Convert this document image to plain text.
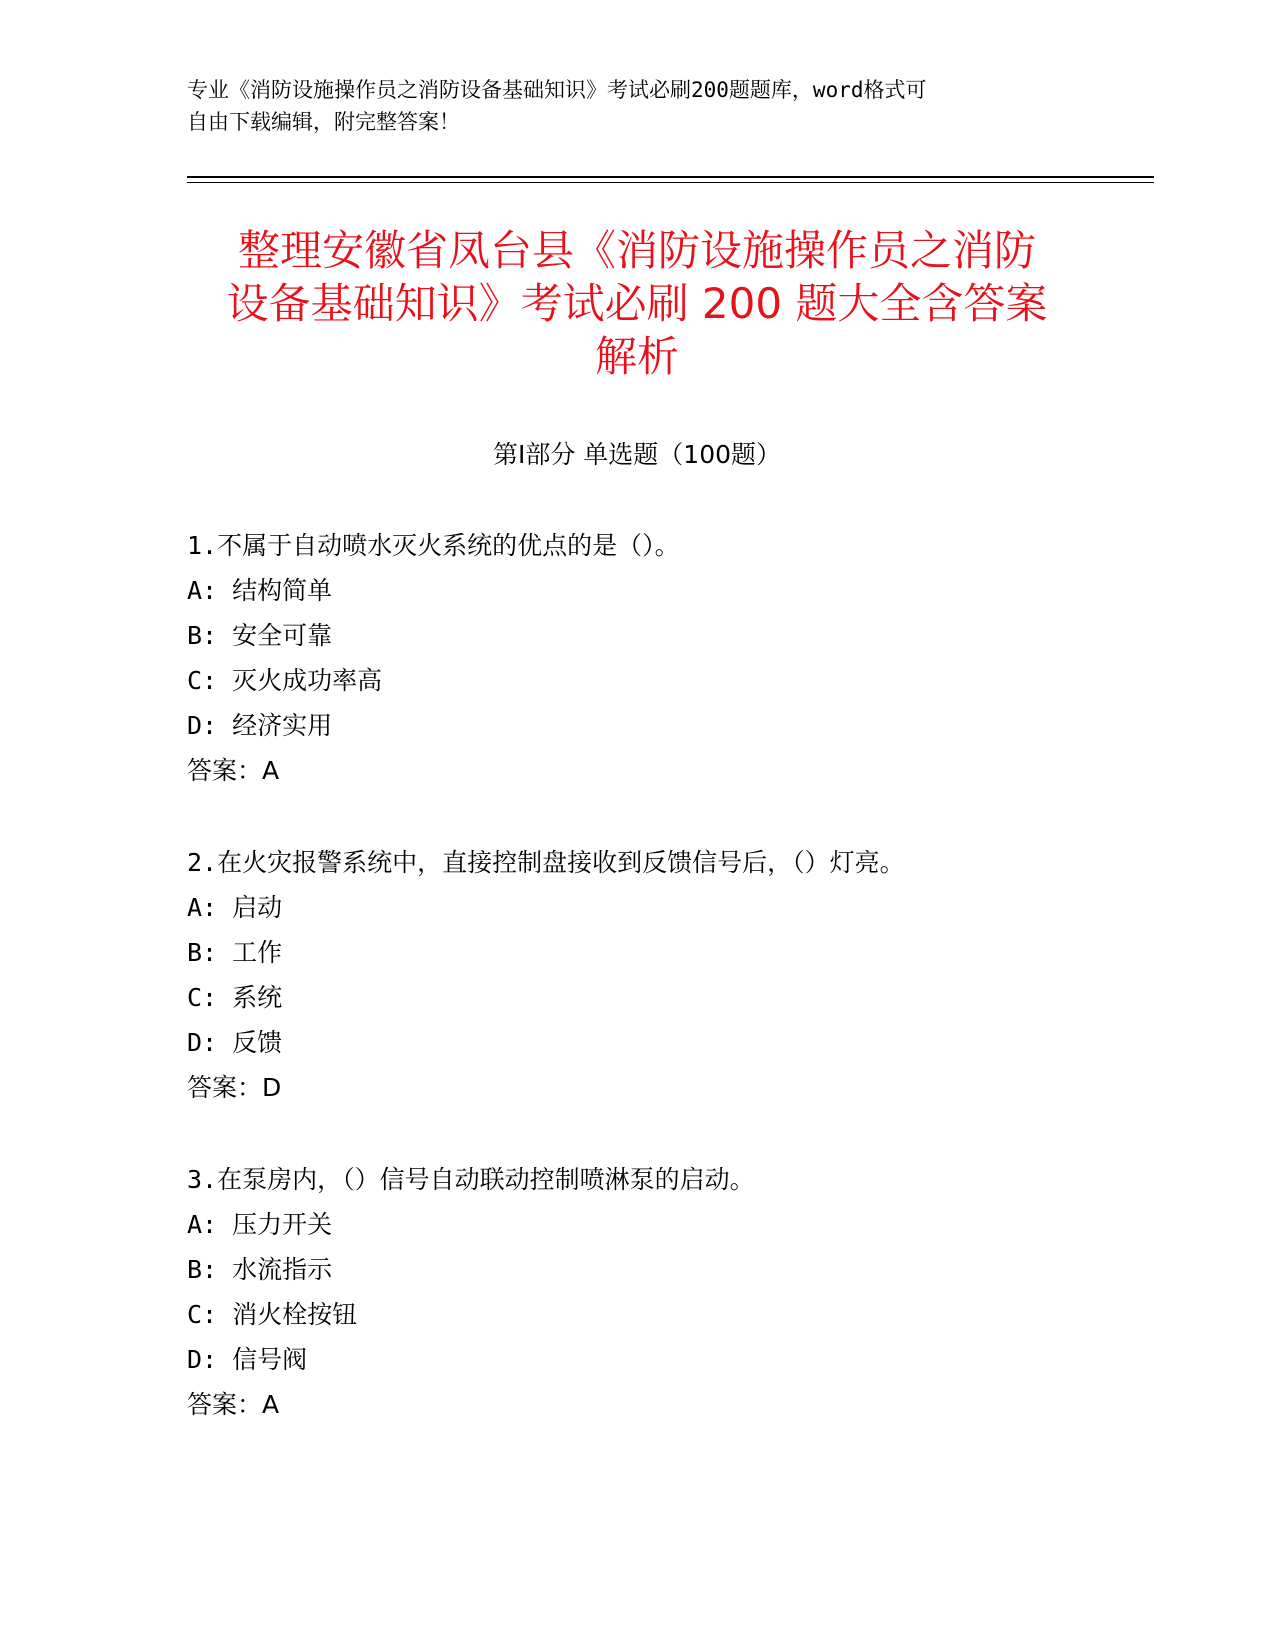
专业《消防设施操作员之消防设备基础知识》考试必刷200题题库，word格式可
自由下载编辑，附完整答案！
整理安徽省凤台县《消防设施操作员之消防
设备基础知识》考试必刷 200 题大全含答案
解析
第Ⅰ部分 单选题（100题）
1.不属于自动喷水灭火系统的优点的是（）。
A: 结构简单
B: 安全可靠
C: 灭火成功率高
D: 经济实用
答案：A
2.在火灾报警系统中，直接控制盘接收到反馈信号后，（）灯亮。
A: 启动
B: 工作
C: 系统
D: 反馈
答案：D
3.在泵房内，（）信号自动联动控制喷淋泵的启动。
A: 压力开关
B: 水流指示
C: 消火栓按钮
D: 信号阀
答案：A
